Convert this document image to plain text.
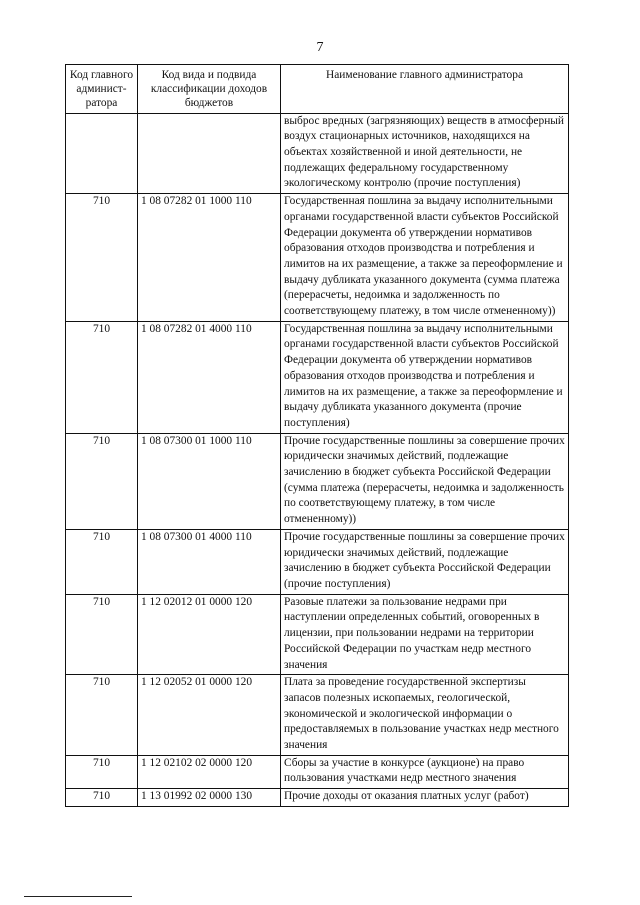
7
Код главного админист-ратора	Код вида и подвида классификации доходов бюджетов	Наименование главного администратора
		выброс вредных (загрязняющих) веществ в атмосферный воздух стационарных источников, находящихся на объектах хозяйственной и иной деятельности, не подлежащих федеральному государственному экологическому контролю (прочие поступления)
710	1 08 07282 01 1000 110	Государственная пошлина за выдачу исполнительными органами государственной власти субъектов Российской Федерации документа об утверждении нормативов образования отходов производства и потребления и лимитов на их размещение, а также за переоформление и выдачу дубликата указанного документа (сумма платежа (перерасчеты, недоимка и задолженность по соответствующему платежу, в том числе отмененному))
710	1 08 07282 01 4000 110	Государственная пошлина за выдачу исполнительными органами государственной власти субъектов Российской Федерации документа об утверждении нормативов образования отходов производства и потребления и лимитов на их размещение, а также за переоформление и выдачу дубликата указанного документа (прочие поступления)
710	1 08 07300 01 1000 110	Прочие государственные пошлины за совершение прочих юридически значимых действий, подлежащие зачислению в бюджет субъекта Российской Федерации (сумма платежа (перерасчеты, недоимка и задолженность по соответствующему платежу, в том числе отмененному))
710	1 08 07300 01 4000 110	Прочие государственные пошлины за совершение прочих юридически значимых действий, подлежащие зачислению в бюджет субъекта Российской Федерации (прочие поступления)
710	1 12 02012 01 0000 120	Разовые платежи за пользование недрами при наступлении определенных событий, оговоренных в лицензии, при пользовании недрами на территории Российской Федерации по участкам недр местного значения
710	1 12 02052 01 0000 120	Плата за проведение государственной экспертизы запасов полезных ископаемых, геологической, экономической и экологической информации о предоставляемых в пользование участках недр местного значения
710	1 12 02102 02 0000 120	Сборы за участие в конкурсе (аукционе) на право пользования участками недр местного значения
710	1 13 01992 02 0000 130	Прочие доходы от оказания платных услуг (работ)
